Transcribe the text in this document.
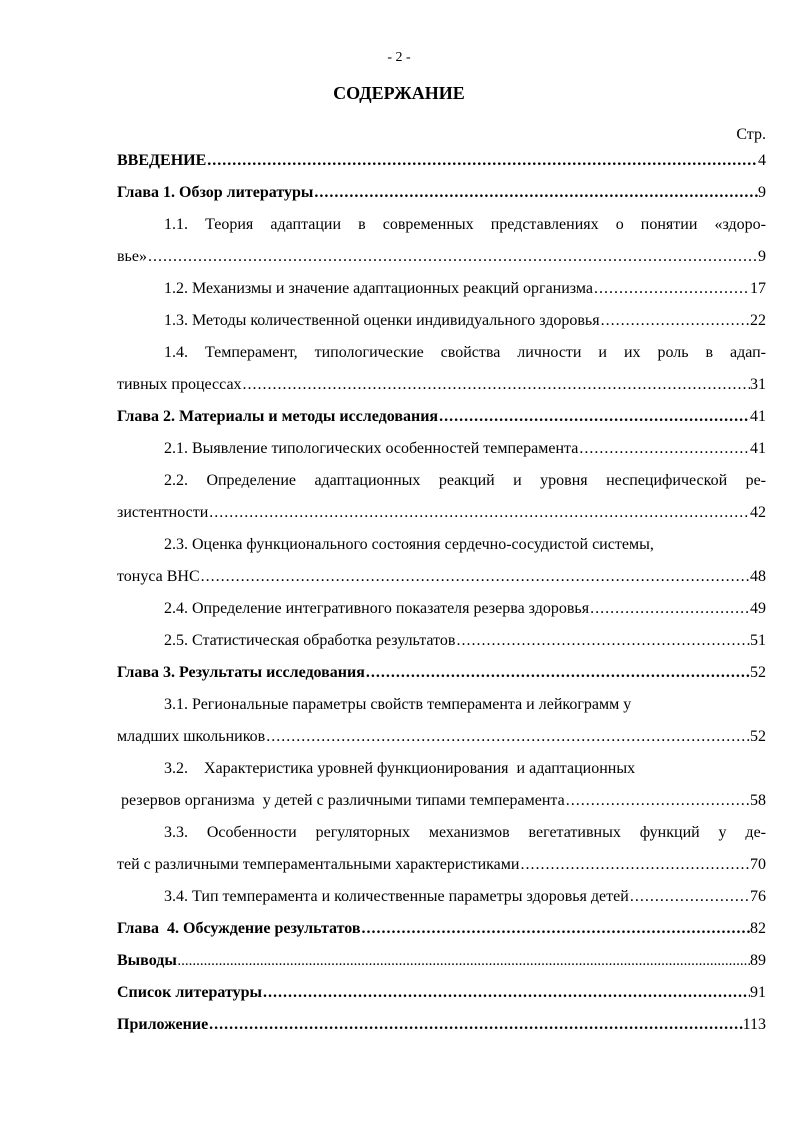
- 2 -
СОДЕРЖАНИЕ
Стр.
ВВЕДЕНИЕ .....	4
Глава 1. Обзор литературы .....	9
1.1. Теория адаптации в современных представлениях о понятии «здоро-
вье» .....	9
1.2. Механизмы и значение адаптационных реакций организма .....	17
1.3. Методы количественной оценки индивидуального здоровья .....	22
1.4. Темперамент, типологические свойства личности и их роль в адап-
тивных процессах .....	31
Глава 2. Материалы и методы исследования .....	41
2.1. Выявление типологических особенностей темперамента .....	41
2.2. Определение адаптационных реакций и уровня неспецифической ре-
зистентности .....	42
2.3. Оценка функционального состояния сердечно-сосудистой системы,
тонуса ВНС .....	48
2.4. Определение интегративного показателя резерва здоровья .....	49
2.5. Статистическая обработка результатов .....	51
Глава 3. Результаты исследования .....	52
3.1. Региональные параметры свойств темперамента и лейкограмм у
младших школьников .....	52
3.2.    Характеристика уровней функционирования  и адаптационных
резервов организма  у детей с различными типами темперамента .....	58
3.3. Особенности регуляторных механизмов вегетативных функций у де-
тей с различными темпераментальными характеристиками .....	70
3.4. Тип темперамента и количественные параметры здоровья детей .....	76
Глава  4. Обсуждение результатов .....	82
Выводы .....	89
Список литературы .....	91
Приложение .....	113
